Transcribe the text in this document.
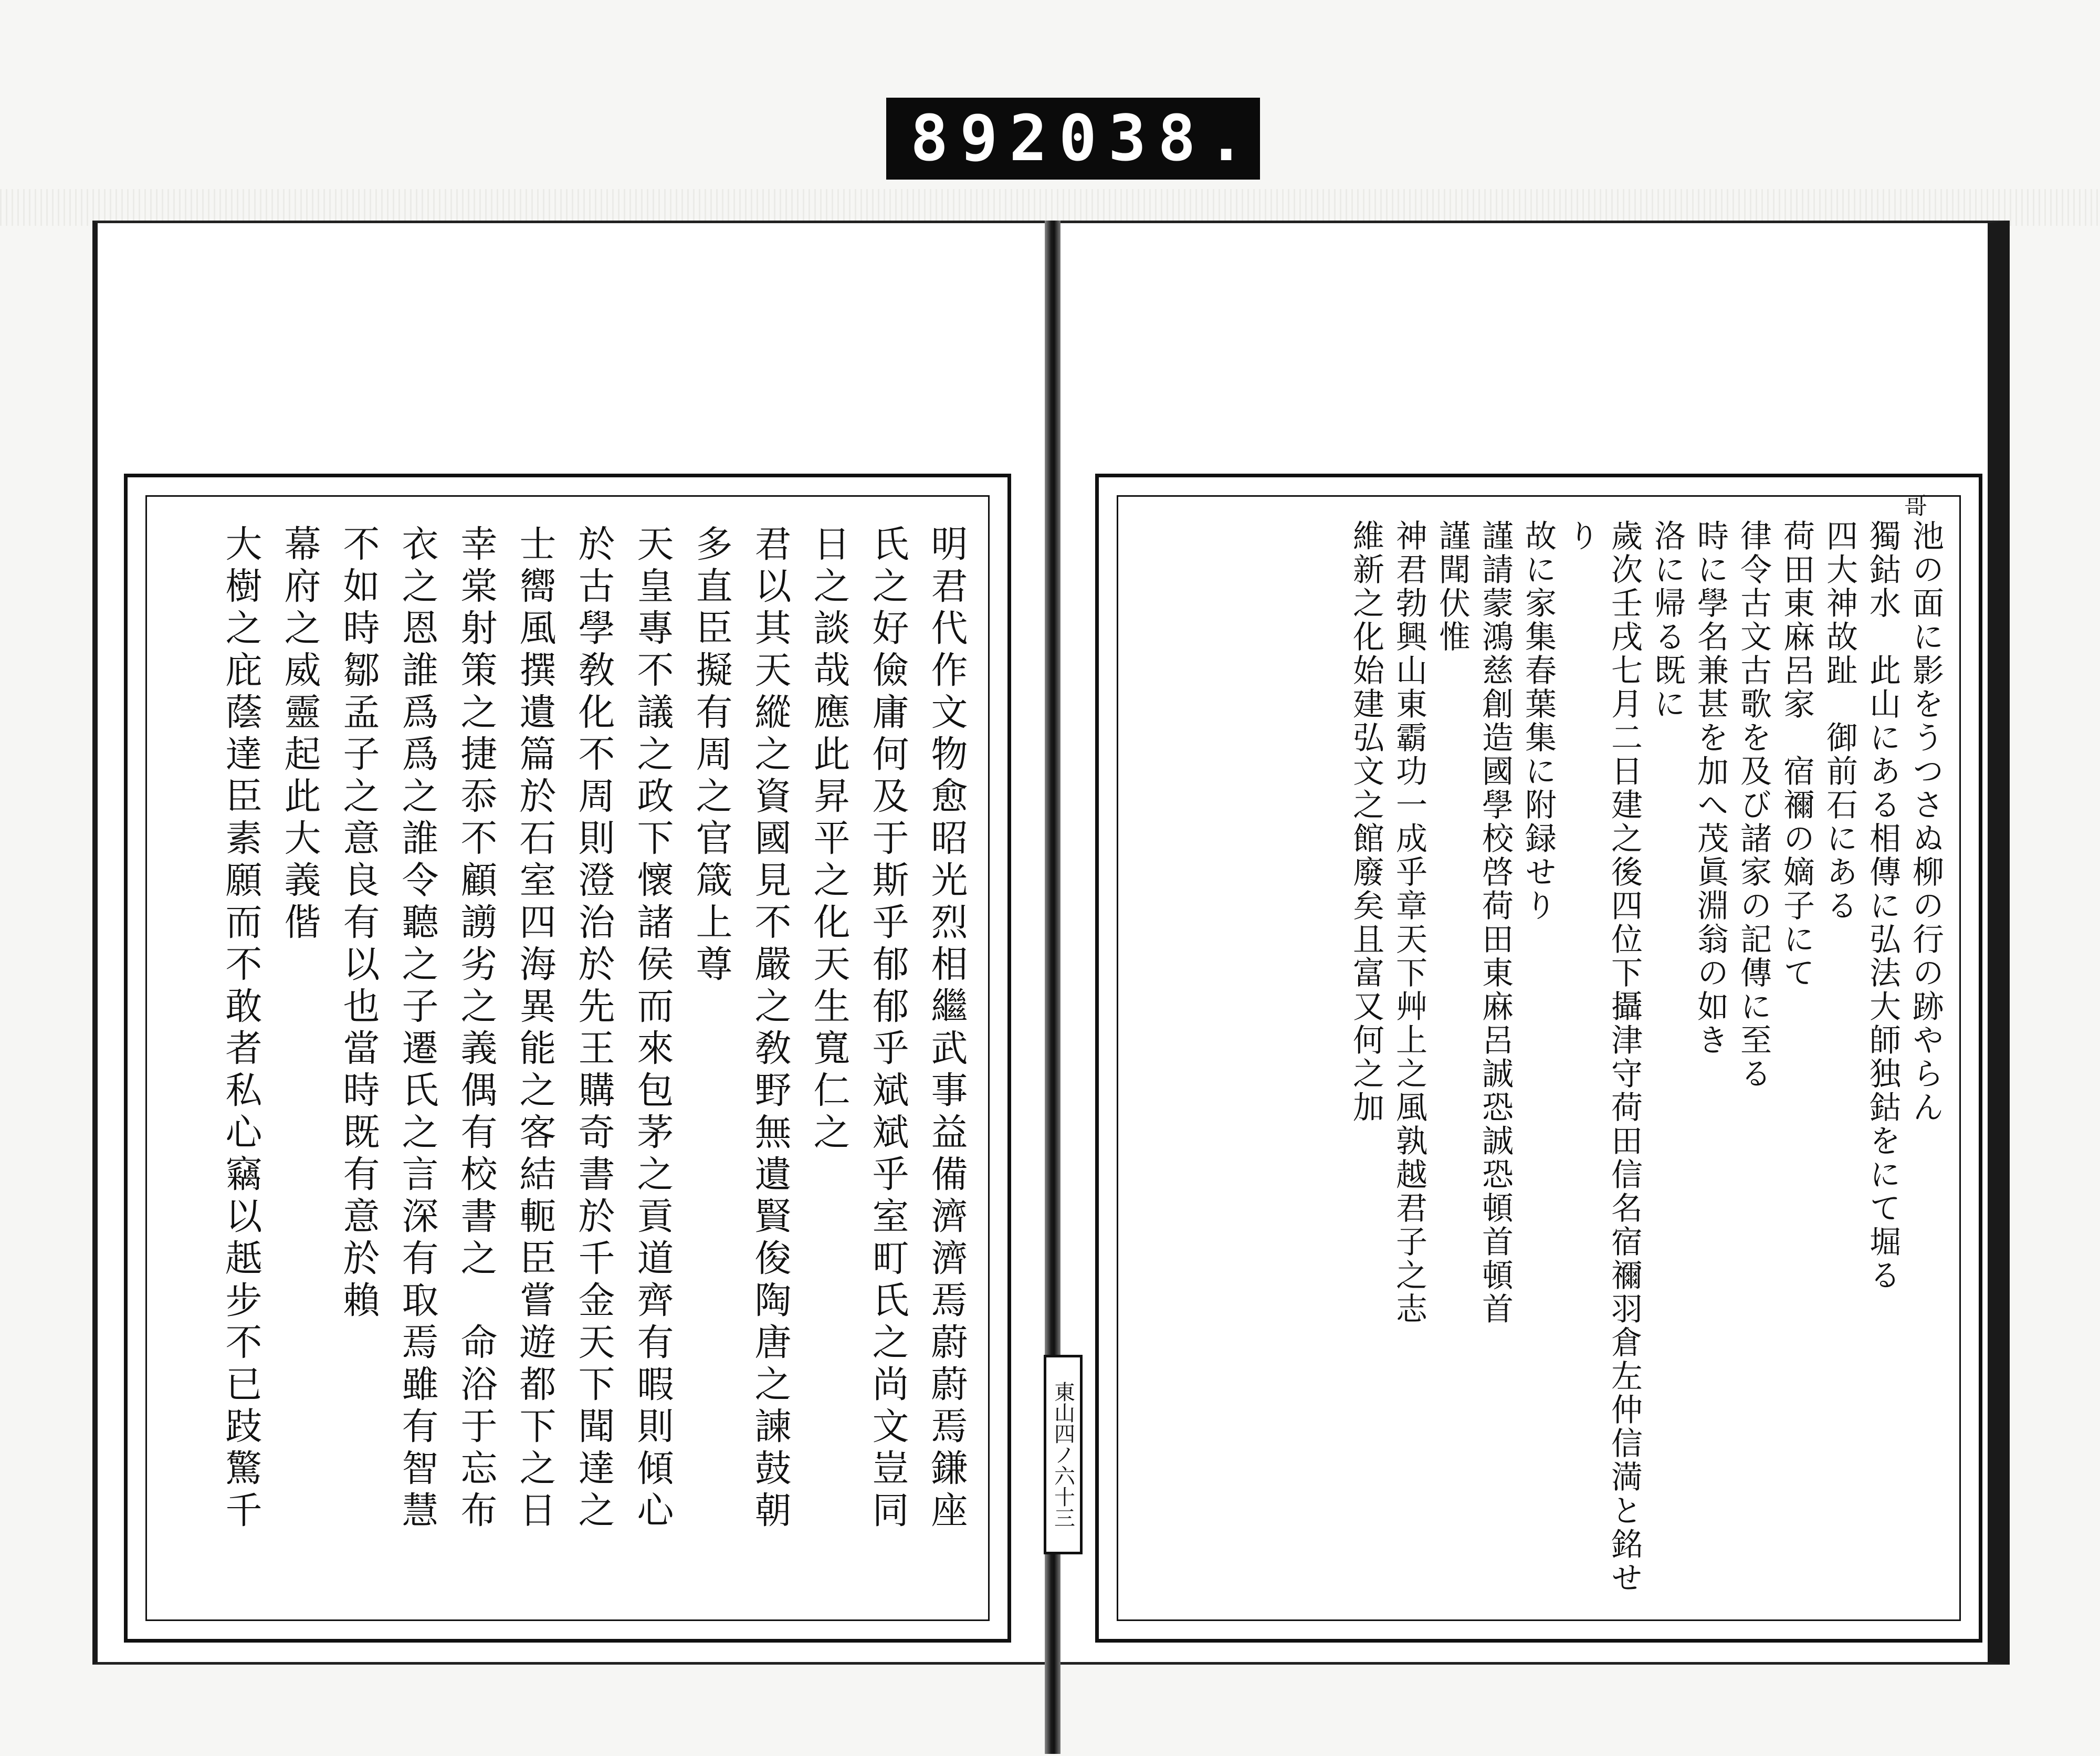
892 038.
明君代作文物愈昭光烈相繼武事益備濟濟焉蔚蔚焉鎌座
氏之好儉庸何及于斯乎郁郁乎斌斌乎室町氏之尚文豈同
日之談哉應此昇平之化天生寬仁之
君以其天縱之資國見不嚴之敎野無遺賢俊陶唐之諫鼓朝
多直臣擬有周之官箴上尊
天皇專不議之政下懷諸侯而來包茅之貢道齊有暇則傾心
於古學敎化不周則澄治於先王購奇書於千金天下聞達之
士嚮風撰遺篇於石室四海異能之客結軛臣嘗遊都下之日
幸棠射策之捷忝不顧謭劣之義偶有校書之　命浴于忘布
衣之恩誰爲爲之誰令聽之子遷氏之言深有取焉雖有智慧
不如時鄒孟子之意良有以也當時既有意於賴
幕府之威靈起此大義偕
大樹之庇蔭達臣素願而不敢者私心竊以赿步不已跂驚千	池の面に影をうつさぬ柳の行の跡やらん
獨鈷水　此山にある相傳に弘法大師独鈷をにて堀る
四大神故趾　御前石にある
荷田東麻呂家　宿禰の嫡子にて
律令古文古歌を及び諸家の記傳に至る
時に學名兼甚を加へ茂眞淵翁の如き
洛に帰る既に
歲次壬戌七月二日建之後四位下攝津守荷田信名宿禰羽倉左仲信満と銘せり
故に家集春葉集に附録せり
謹請蒙鴻慈創造國學校啓荷田東麻呂誠恐誠恐頓首頓首
謹聞伏惟
神君勃興山東霸功一成乎章天下艸上之風孰越君子之志
維新之化始建弘文之館廢矣且富又何之加
哥
東山四ノ六十三
